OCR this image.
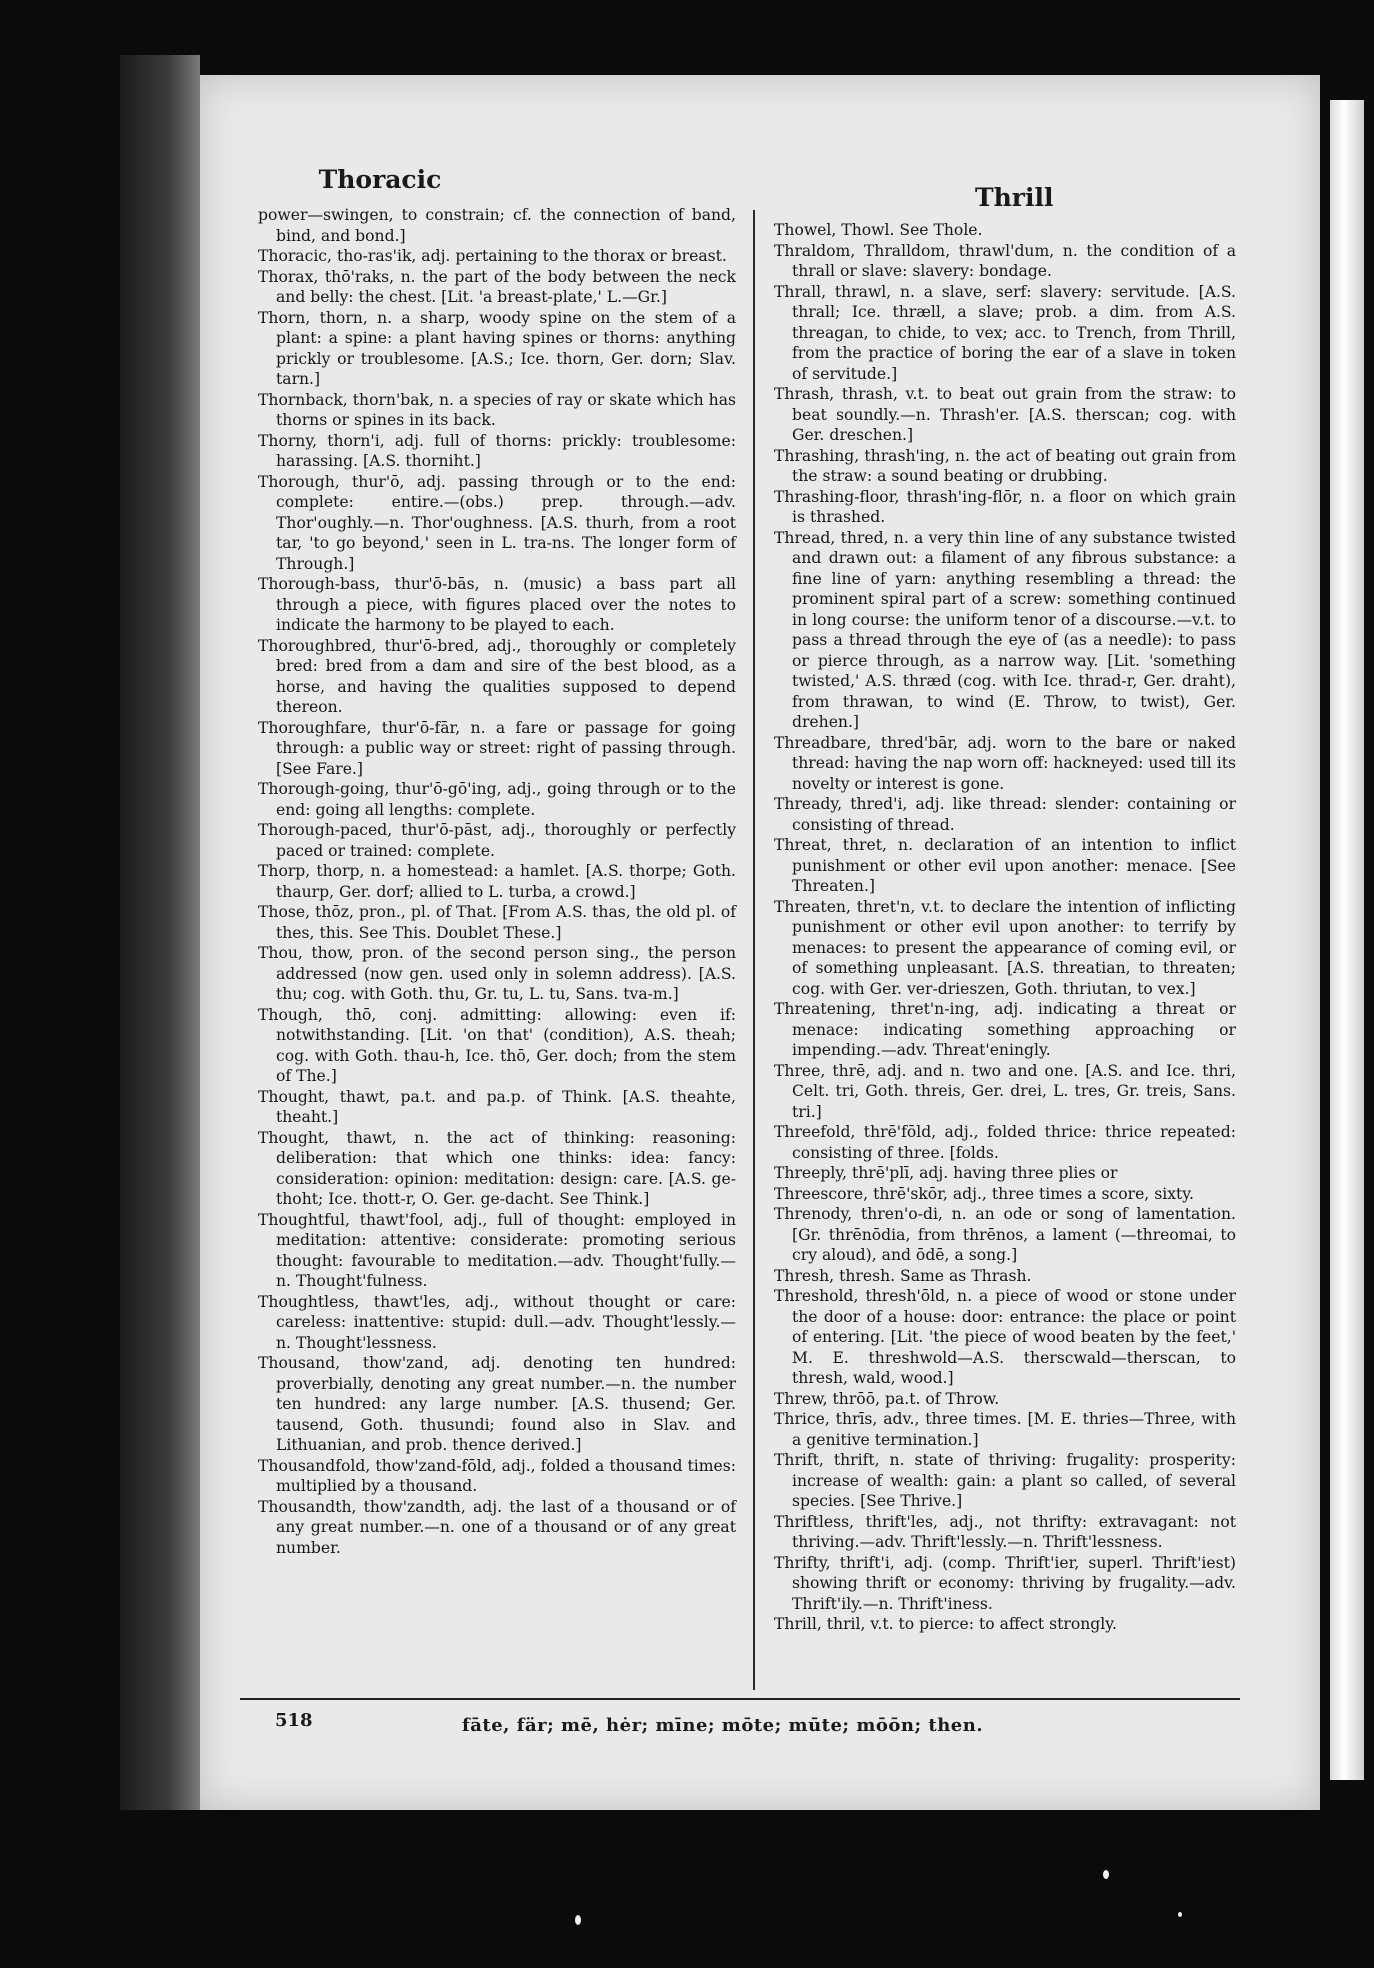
Thoracic
Thrill

power—swingen, to constrain; cf. the connection of band, bind, and bond.]

Thoracic, tho-ras'ik, adj. pertaining to the thorax or breast.

Thorax, thō'raks, n. the part of the body between the neck and belly: the chest. [Lit. 'a breast-plate,' L.—Gr.]

Thorn, thorn, n. a sharp, woody spine on the stem of a plant: a spine: a plant having spines or thorns: anything prickly or troublesome. [A.S.; Ice. thorn, Ger. dorn; Slav. tarn.]

Thornback, thorn'bak, n. a species of ray or skate which has thorns or spines in its back.

Thorny, thorn'i, adj. full of thorns: prickly: troublesome: harassing. [A.S. thorniht.]

Thorough, thur'ō, adj. passing through or to the end: complete: entire.—(obs.) prep. through.—adv. Thor'oughly.—n. Thor'oughness. [A.S. thurh, from a root tar, 'to go beyond,' seen in L. tra-ns. The longer form of Through.]

Thorough-bass, thur'ō-bās, n. (music) a bass part all through a piece, with figures placed over the notes to indicate the harmony to be played to each.

Thoroughbred, thur'ō-bred, adj., thoroughly or completely bred: bred from a dam and sire of the best blood, as a horse, and having the qualities supposed to depend thereon.

Thoroughfare, thur'ō-fār, n. a fare or passage for going through: a public way or street: right of passing through. [See Fare.]

Thorough-going, thur'ō-gō'ing, adj., going through or to the end: going all lengths: complete.

Thorough-paced, thur'ō-pāst, adj., thoroughly or perfectly paced or trained: complete.

Thorp, thorp, n. a homestead: a hamlet. [A.S. thorpe; Goth. thaurp, Ger. dorf; allied to L. turba, a crowd.]

Those, thōz, pron., pl. of That. [From A.S. thas, the old pl. of thes, this. See This. Doublet These.]

Thou, thow, pron. of the second person sing., the person addressed (now gen. used only in solemn address). [A.S. thu; cog. with Goth. thu, Gr. tu, L. tu, Sans. tva-m.]

Though, thō, conj. admitting: allowing: even if: notwithstanding. [Lit. 'on that' (condition), A.S. theah; cog. with Goth. thau-h, Ice. thō, Ger. doch; from the stem of The.]

Thought, thawt, pa.t. and pa.p. of Think. [A.S. theahte, theaht.]

Thought, thawt, n. the act of thinking: reasoning: deliberation: that which one thinks: idea: fancy: consideration: opinion: meditation: design: care. [A.S. ge-thoht; Ice. thott-r, O. Ger. ge-dacht. See Think.]

Thoughtful, thawt'fool, adj., full of thought: employed in meditation: attentive: considerate: promoting serious thought: favourable to meditation.—adv. Thought'fully.—n. Thought'fulness.

Thoughtless, thawt'les, adj., without thought or care: careless: inattentive: stupid: dull.—adv. Thought'lessly.—n. Thought'lessness.

Thousand, thow'zand, adj. denoting ten hundred: proverbially, denoting any great number.—n. the number ten hundred: any large number. [A.S. thusend; Ger. tausend, Goth. thusundi; found also in Slav. and Lithuanian, and prob. thence derived.]

Thousandfold, thow'zand-fōld, adj., folded a thousand times: multiplied by a thousand.

Thousandth, thow'zandth, adj. the last of a thousand or of any great number.—n. one of a thousand or of any great number.

Thowel, Thowl. See Thole.

Thraldom, Thralldom, thrawl'dum, n. the condition of a thrall or slave: slavery: bondage.

Thrall, thrawl, n. a slave, serf: slavery: servitude. [A.S. thrall; Ice. thræll, a slave; prob. a dim. from A.S. threagan, to chide, to vex; acc. to Trench, from Thrill, from the practice of boring the ear of a slave in token of servitude.]

Thrash, thrash, v.t. to beat out grain from the straw: to beat soundly.—n. Thrash'er. [A.S. therscan; cog. with Ger. dreschen.]

Thrashing, thrash'ing, n. the act of beating out grain from the straw: a sound beating or drubbing.

Thrashing-floor, thrash'ing-flōr, n. a floor on which grain is thrashed.

Thread, thred, n. a very thin line of any substance twisted and drawn out: a filament of any fibrous substance: a fine line of yarn: anything resembling a thread: the prominent spiral part of a screw: something continued in long course: the uniform tenor of a discourse.—v.t. to pass a thread through the eye of (as a needle): to pass or pierce through, as a narrow way. [Lit. 'something twisted,' A.S. thræd (cog. with Ice. thrad-r, Ger. draht), from thrawan, to wind (E. Throw, to twist), Ger. drehen.]

Threadbare, thred'bār, adj. worn to the bare or naked thread: having the nap worn off: hackneyed: used till its novelty or interest is gone.

Thready, thred'i, adj. like thread: slender: containing or consisting of thread.

Threat, thret, n. declaration of an intention to inflict punishment or other evil upon another: menace. [See Threaten.]

Threaten, thret'n, v.t. to declare the intention of inflicting punishment or other evil upon another: to terrify by menaces: to present the appearance of coming evil, or of something unpleasant. [A.S. threatian, to threaten; cog. with Ger. ver-drieszen, Goth. thriutan, to vex.]

Threatening, thret'n-ing, adj. indicating a threat or menace: indicating something approaching or impending.—adv. Threat'eningly.

Three, thrē, adj. and n. two and one. [A.S. and Ice. thri, Celt. tri, Goth. threis, Ger. drei, L. tres, Gr. treis, Sans. tri.]

Threefold, thrē'fōld, adj., folded thrice: thrice repeated: consisting of three. [folds.

Threeply, thrē'plī, adj. having three plies or

Threescore, thrē'skōr, adj., three times a score, sixty.

Threnody, thren'o-di, n. an ode or song of lamentation. [Gr. thrēnōdia, from thrēnos, a lament (—threomai, to cry aloud), and ōdē, a song.]

Thresh, thresh. Same as Thrash.

Threshold, thresh'ōld, n. a piece of wood or stone under the door of a house: door: entrance: the place or point of entering. [Lit. 'the piece of wood beaten by the feet,' M. E. threshwold—A.S. therscwald—therscan, to thresh, wald, wood.]

Threw, thrōō, pa.t. of Throw.

Thrice, thrīs, adv., three times. [M. E. thries—Three, with a genitive termination.]

Thrift, thrift, n. state of thriving: frugality: prosperity: increase of wealth: gain: a plant so called, of several species. [See Thrive.]

Thriftless, thrift'les, adj., not thrifty: extravagant: not thriving.—adv. Thrift'lessly.—n. Thrift'lessness.

Thrifty, thrift'i, adj. (comp. Thrift'ier, superl. Thrift'iest) showing thrift or economy: thriving by frugality.—adv. Thrift'ily.—n. Thrift'iness.

Thrill, thril, v.t. to pierce: to affect strongly.

518	fāte, fär; mē, hėr; mīne; mōte; mūte; mōōn; then.
